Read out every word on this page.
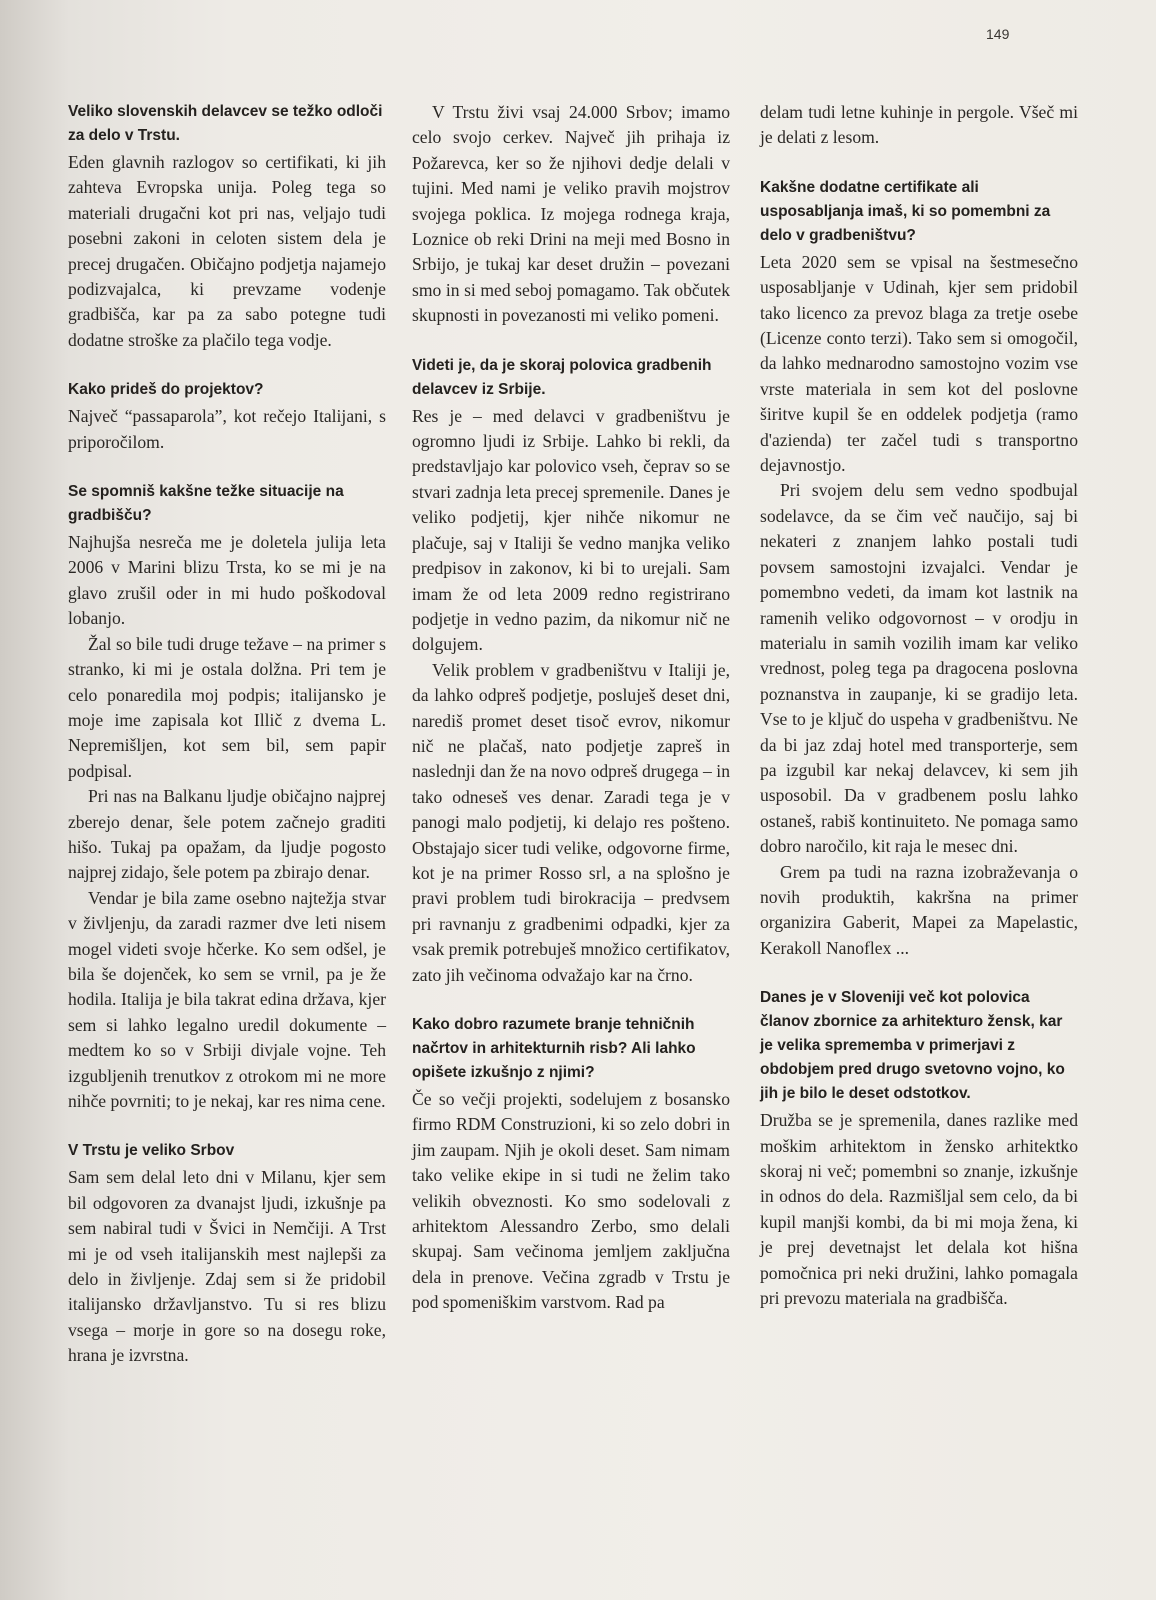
149
Veliko slovenskih delavcev se težko odloči za delo v Trstu.

Eden glavnih razlogov so certifikati, ki jih zahteva Evropska unija. Poleg tega so materiali drugačni kot pri nas, veljajo tudi posebni zakoni in celoten sistem dela je precej drugačen. Običajno podjetja najamejo podizvajalca, ki prevzame vodenje gradbišča, kar pa za sabo potegne tudi dodatne stroške za plačilo tega vodje.

Kako prideš do projektov?

Največ “passaparola”, kot rečejo Italijani, s priporočilom.

Se spomniš kakšne težke situacije na gradbišču?

Najhujša nesreča me je doletela julija leta 2006 v Marini blizu Trsta, ko se mi je na glavo zrušil oder in mi hudo poškodoval lobanjo.

Žal so bile tudi druge težave – na primer s stranko, ki mi je ostala dolžna. Pri tem je celo ponaredila moj podpis; italijansko je moje ime zapisala kot Illič z dvema L. Nepremišljen, kot sem bil, sem papir podpisal.

Pri nas na Balkanu ljudje običajno najprej zberejo denar, šele potem začnejo graditi hišo. Tukaj pa opažam, da ljudje pogosto najprej zidajo, šele potem pa zbirajo denar.

Vendar je bila zame osebno najtežja stvar v življenju, da zaradi razmer dve leti nisem mogel videti svoje hčerke. Ko sem odšel, je bila še dojenček, ko sem se vrnil, pa je že hodila. Italija je bila takrat edina država, kjer sem si lahko legalno uredil dokumente – medtem ko so v Srbiji divjale vojne. Teh izgubljenih trenutkov z otrokom mi ne more nihče povrniti; to je nekaj, kar res nima cene.

V Trstu je veliko Srbov

Sam sem delal leto dni v Milanu, kjer sem bil odgovoren za dvanajst ljudi, izkušnje pa sem nabiral tudi v Švici in Nemčiji. A Trst mi je od vseh italijanskih mest najlepši za delo in življenje. Zdaj sem si že pridobil italijansko državljanstvo. Tu si res blizu vsega – morje in gore so na dosegu roke, hrana je izvrstna.

V Trstu živi vsaj 24.000 Srbov; imamo celo svojo cerkev. Največ jih prihaja iz Požarevca, ker so že njihovi dedje delali v tujini. Med nami je veliko pravih mojstrov svojega poklica. Iz mojega rodnega kraja, Loznice ob reki Drini na meji med Bosno in Srbijo, je tukaj kar deset družin – povezani smo in si med seboj pomagamo. Tak občutek skupnosti in povezanosti mi veliko pomeni.

Videti je, da je skoraj polovica gradbenih delavcev iz Srbije.

Res je – med delavci v gradbeništvu je ogromno ljudi iz Srbije. Lahko bi rekli, da predstavljajo kar polovico vseh, čeprav so se stvari zadnja leta precej spremenile. Danes je veliko podjetij, kjer nihče nikomur ne plačuje, saj v Italiji še vedno manjka veliko predpisov in zakonov, ki bi to urejali. Sam imam že od leta 2009 redno registrirano podjetje in vedno pazim, da nikomur nič ne dolgujem.

Velik problem v gradbeništvu v Italiji je, da lahko odpreš podjetje, posluješ deset dni, narediš promet deset tisoč evrov, nikomur nič ne plačaš, nato podjetje zapreš in naslednji dan že na novo odpreš drugega – in tako odneseš ves denar. Zaradi tega je v panogi malo podjetij, ki delajo res pošteno. Obstajajo sicer tudi velike, odgovorne firme, kot je na primer Rosso srl, a na splošno je pravi problem tudi birokracija – predvsem pri ravnanju z gradbenimi odpadki, kjer za vsak premik potrebuješ množico certifikatov, zato jih večinoma odvažajo kar na črno.

Kako dobro razumete branje tehničnih načrtov in arhitekturnih risb? Ali lahko opišete izkušnjo z njimi?

Če so večji projekti, sodelujem z bosansko firmo RDM Construzioni, ki so zelo dobri in jim zaupam. Njih je okoli deset. Sam nimam tako velike ekipe in si tudi ne želim tako velikih obveznosti. Ko smo sodelovali z arhitektom Alessandro Zerbo, smo delali skupaj. Sam večinoma jemljem zaključna dela in prenove. Večina zgradb v Trstu je pod spomeniškim varstvom. Rad pa

delam tudi letne kuhinje in pergole. Všeč mi je delati z lesom.

Kakšne dodatne certifikate ali usposabljanja imaš, ki so pomembni za delo v gradbeništvu?

Leta 2020 sem se vpisal na šestmesečno usposabljanje v Udinah, kjer sem pridobil tako licenco za prevoz blaga za tretje osebe (Licenze conto terzi). Tako sem si omogočil, da lahko mednarodno samostojno vozim vse vrste materiala in sem kot del poslovne širitve kupil še en oddelek podjetja (ramo d'azienda) ter začel tudi s transportno dejavnostjo.

Pri svojem delu sem vedno spodbujal sodelavce, da se čim več naučijo, saj bi nekateri z znanjem lahko postali tudi povsem samostojni izvajalci. Vendar je pomembno vedeti, da imam kot lastnik na ramenih veliko odgovornost – v orodju in materialu in samih vozilih imam kar veliko vrednost, poleg tega pa dragocena poslovna poznanstva in zaupanje, ki se gradijo leta. Vse to je ključ do uspeha v gradbeništvu. Ne da bi jaz zdaj hotel med transporterje, sem pa izgubil kar nekaj delavcev, ki sem jih usposobil. Da v gradbenem poslu lahko ostaneš, rabiš kontinuiteto. Ne pomaga samo dobro naročilo, kit raja le mesec dni.

Grem pa tudi na razna izobraževanja o novih produktih, kakršna na primer organizira Gaberit, Mapei za Mapelastic, Kerakoll Nanoflex ...

Danes je v Sloveniji več kot polovica članov zbornice za arhitekturo žensk, kar je velika sprememba v primerjavi z obdobjem pred drugo svetovno vojno, ko jih je bilo le deset odstotkov.

Družba se je spremenila, danes razlike med moškim arhitektom in žensko arhitektko skoraj ni več; pomembni so znanje, izkušnje in odnos do dela. Razmišljal sem celo, da bi kupil manjši kombi, da bi mi moja žena, ki je prej devetnajst let delala kot hišna pomočnica pri neki družini, lahko pomagala pri prevozu materiala na gradbišča.
